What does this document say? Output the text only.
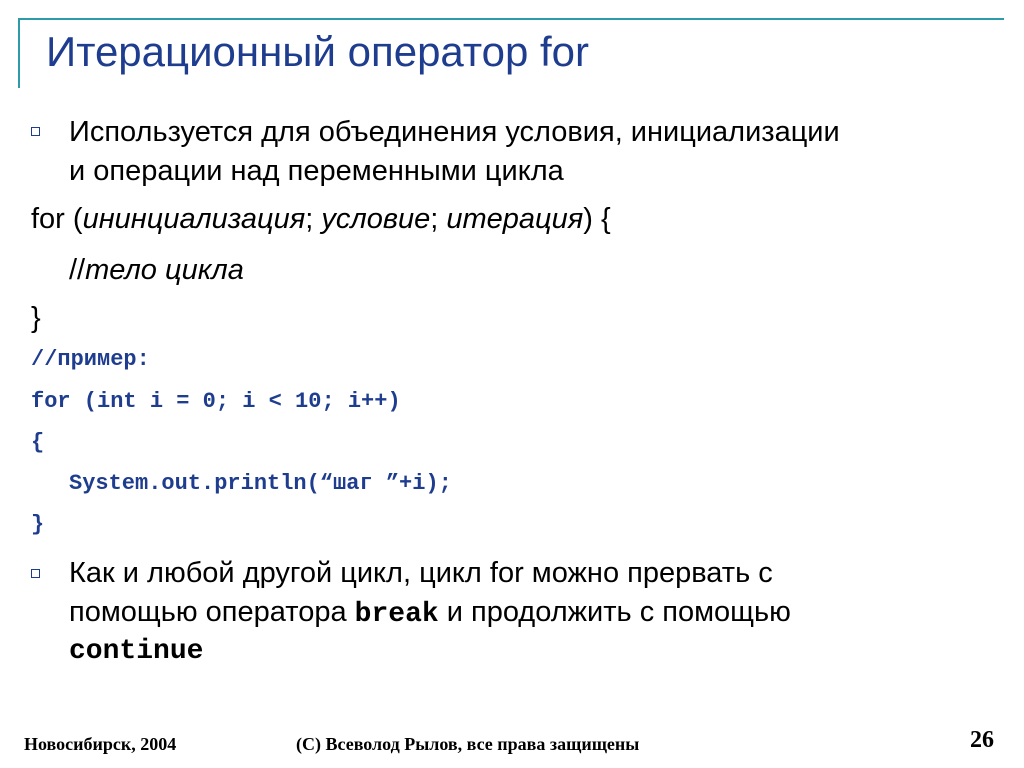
Итерационный оператор for
Используется для объединения условия, инициализации
и операции над переменными цикла
for (ининциализация; условие; итерация) {
//тело цикла
}
//пример:
for (int i = 0; i < 10; i++)
{
System.out.println(“шаг ”+i);
}
Как и любой другой цикл, цикл for можно прервать с
помощью оператора break и продолжить с помощью
continue
Новосибирск, 2004	(C) Всеволод Рылов, все права защищены	26
